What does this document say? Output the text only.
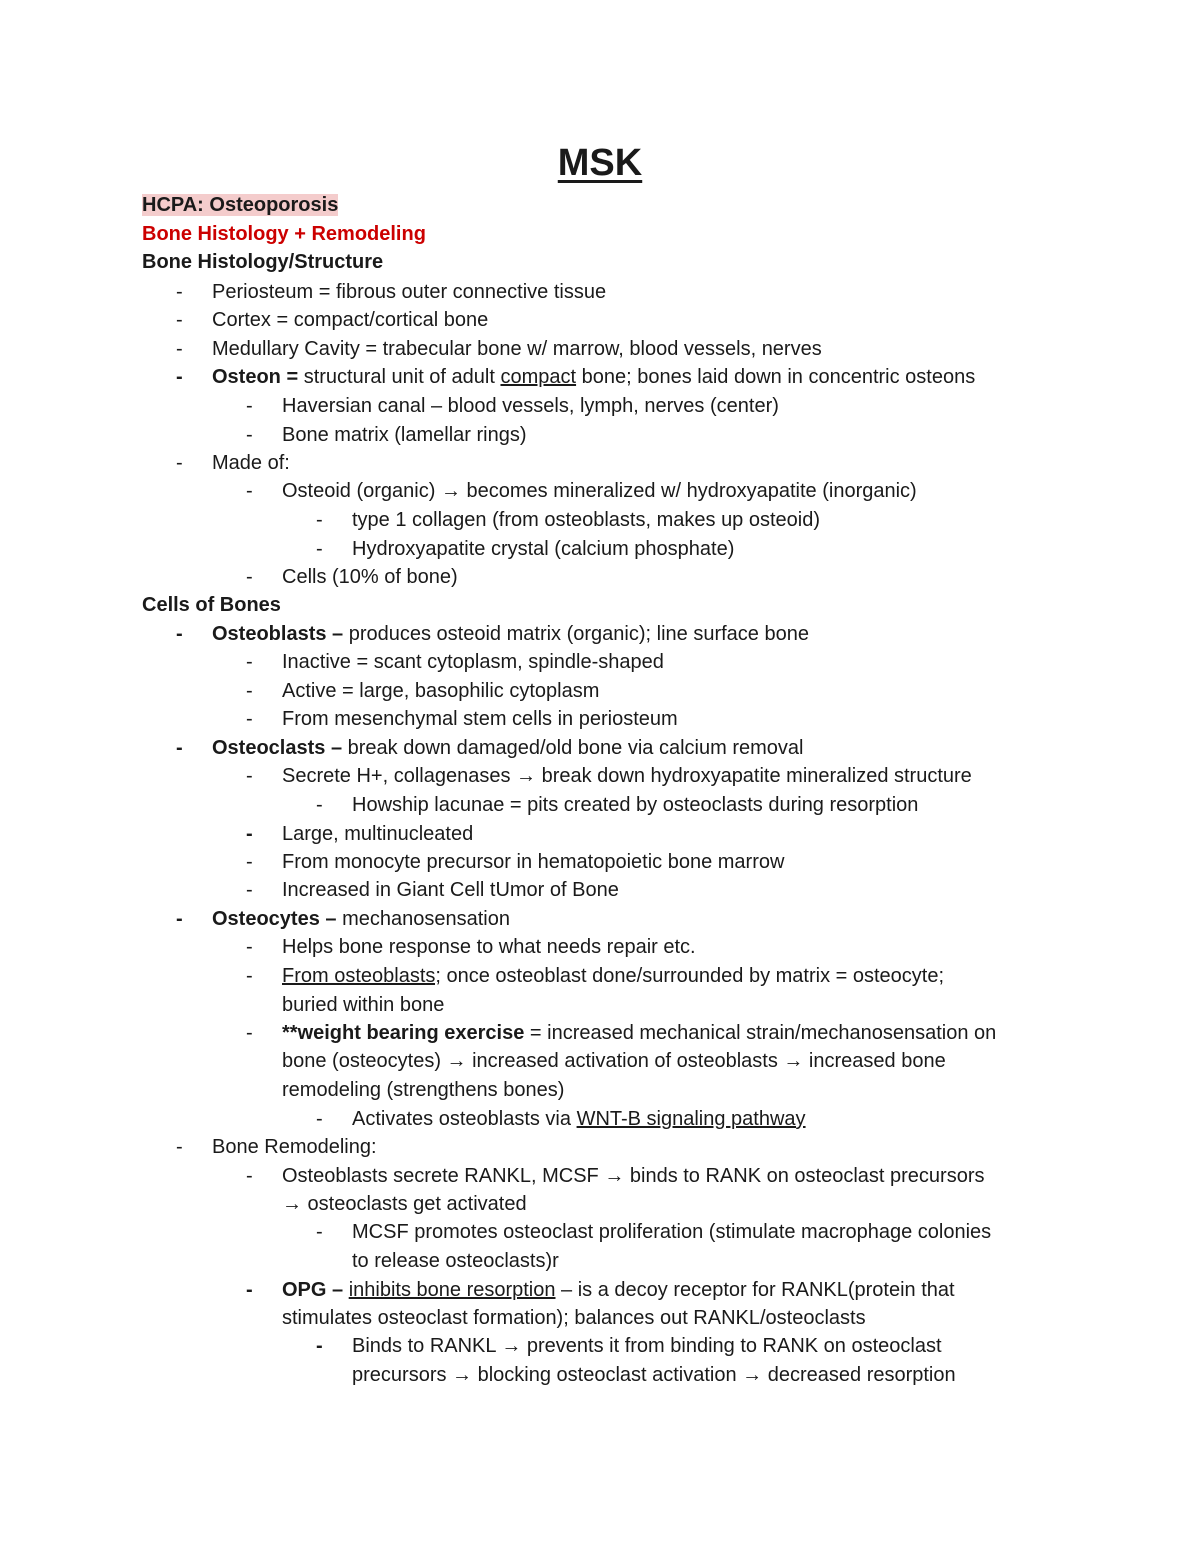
MSK
HCPA: Osteoporosis
Bone Histology + Remodeling
Bone Histology/Structure
- Periosteum = fibrous outer connective tissue
- Cortex = compact/cortical bone
- Medullary Cavity = trabecular bone w/ marrow, blood vessels, nerves
- Osteon = structural unit of adult compact bone; bones laid down in concentric osteons
- Haversian canal – blood vessels, lymph, nerves (center)
- Bone matrix (lamellar rings)
- Made of:
- Osteoid (organic) → becomes mineralized w/ hydroxyapatite (inorganic)
- type 1 collagen (from osteoblasts, makes up osteoid)
- Hydroxyapatite crystal (calcium phosphate)
- Cells (10% of bone)
Cells of Bones
- Osteoblasts – produces osteoid matrix (organic); line surface bone
- Inactive = scant cytoplasm, spindle-shaped
- Active = large, basophilic cytoplasm
- From mesenchymal stem cells in periosteum
- Osteoclasts – break down damaged/old bone via calcium removal
- Secrete H+, collagenases → break down hydroxyapatite mineralized structure
- Howship lacunae = pits created by osteoclasts during resorption
- Large, multinucleated
- From monocyte precursor in hematopoietic bone marrow
- Increased in Giant Cell tUmor of Bone
- Osteocytes – mechanosensation
- Helps bone response to what needs repair etc.
- From osteoblasts; once osteoblast done/surrounded by matrix = osteocyte;
buried within bone
- **weight bearing exercise = increased mechanical strain/mechanosensation on
bone (osteocytes) → increased activation of osteoblasts → increased bone
remodeling (strengthens bones)
- Activates osteoblasts via WNT-B signaling pathway
- Bone Remodeling:
- Osteoblasts secrete RANKL, MCSF → binds to RANK on osteoclast precursors
→ osteoclasts get activated
- MCSF promotes osteoclast proliferation (stimulate macrophage colonies
to release osteoclasts)r
- OPG – inhibits bone resorption – is a decoy receptor for RANKL(protein that
stimulates osteoclast formation); balances out RANKL/osteoclasts
- Binds to RANKL → prevents it from binding to RANK on osteoclast
precursors → blocking osteoclast activation → decreased resorption
